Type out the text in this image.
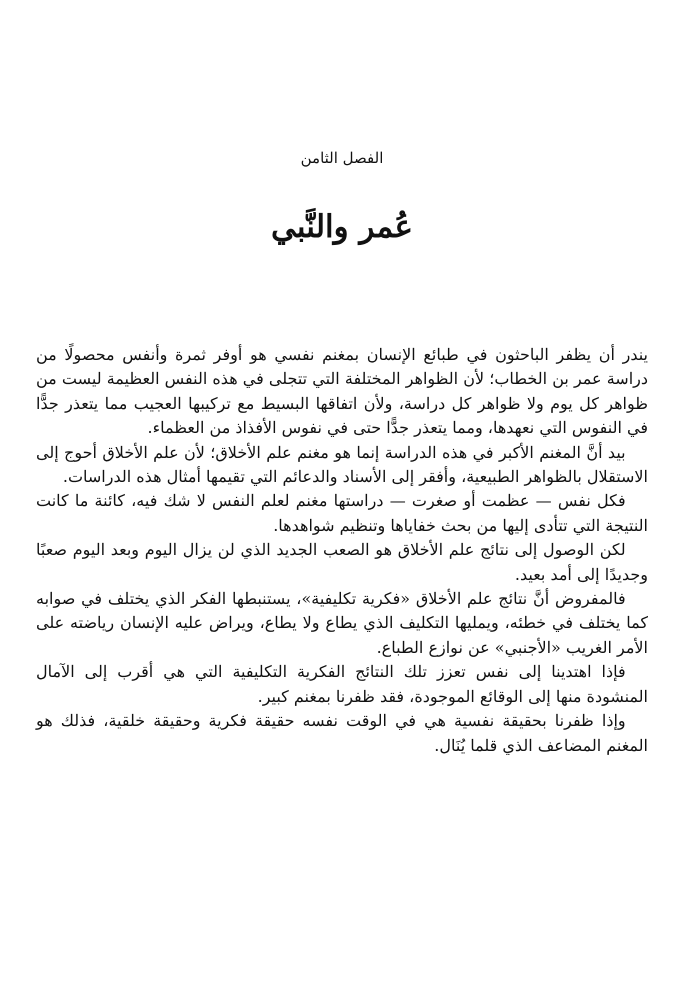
الفصل الثامن
عُمر والنَّبي

يندر أن يظفر الباحثون في طبائع الإنسان بمغنم نفسي هو أوفر ثمرة وأنفس محصولًا من دراسة عمر بن الخطاب؛ لأن الظواهر المختلفة التي تتجلى في هذه النفس العظيمة ليست من ظواهر كل يوم ولا ظواهر كل دراسة، ولأن اتفاقها البسيط مع تركيبها العجيب مما يتعذر جدًّا في النفوس التي نعهدها، ومما يتعذر جدًّا حتى في نفوس الأفذاذ من العظماء.

بيد أنَّ المغنم الأكبر في هذه الدراسة إنما هو مغنم علم الأخلاق؛ لأن علم الأخلاق أحوج إلى الاستقلال بالظواهر الطبيعية، وأفقر إلى الأسناد والدعائم التي تقيمها أمثال هذه الدراسات.

فكل نفس — عظمت أو صغرت — دراستها مغنم لعلم النفس لا شك فيه، كائنة ما كانت النتيجة التي تتأدى إليها من بحث خفاياها وتنظيم شواهدها.

لكن الوصول إلى نتائج علم الأخلاق هو الصعب الجديد الذي لن يزال اليوم وبعد اليوم صعبًا وجديدًا إلى أمد بعيد.

فالمفروض أنَّ نتائج علم الأخلاق «فكرية تكليفية»، يستنبطها الفكر الذي يختلف في صوابه كما يختلف في خطئه، ويمليها التكليف الذي يطاع ولا يطاع، ويراض عليه الإنسان رياضته على الأمر الغريب «الأجنبي» عن نوازع الطباع.

فإذا اهتدينا إلى نفس تعزز تلك النتائج الفكرية التكليفية التي هي أقرب إلى الآمال المنشودة منها إلى الوقائع الموجودة، فقد ظفرنا بمغنم كبير.

وإذا ظفرنا بحقيقة نفسية هي في الوقت نفسه حقيقة فكرية وحقيقة خلقية، فذلك هو المغنم المضاعف الذي قلما يُنَال.
